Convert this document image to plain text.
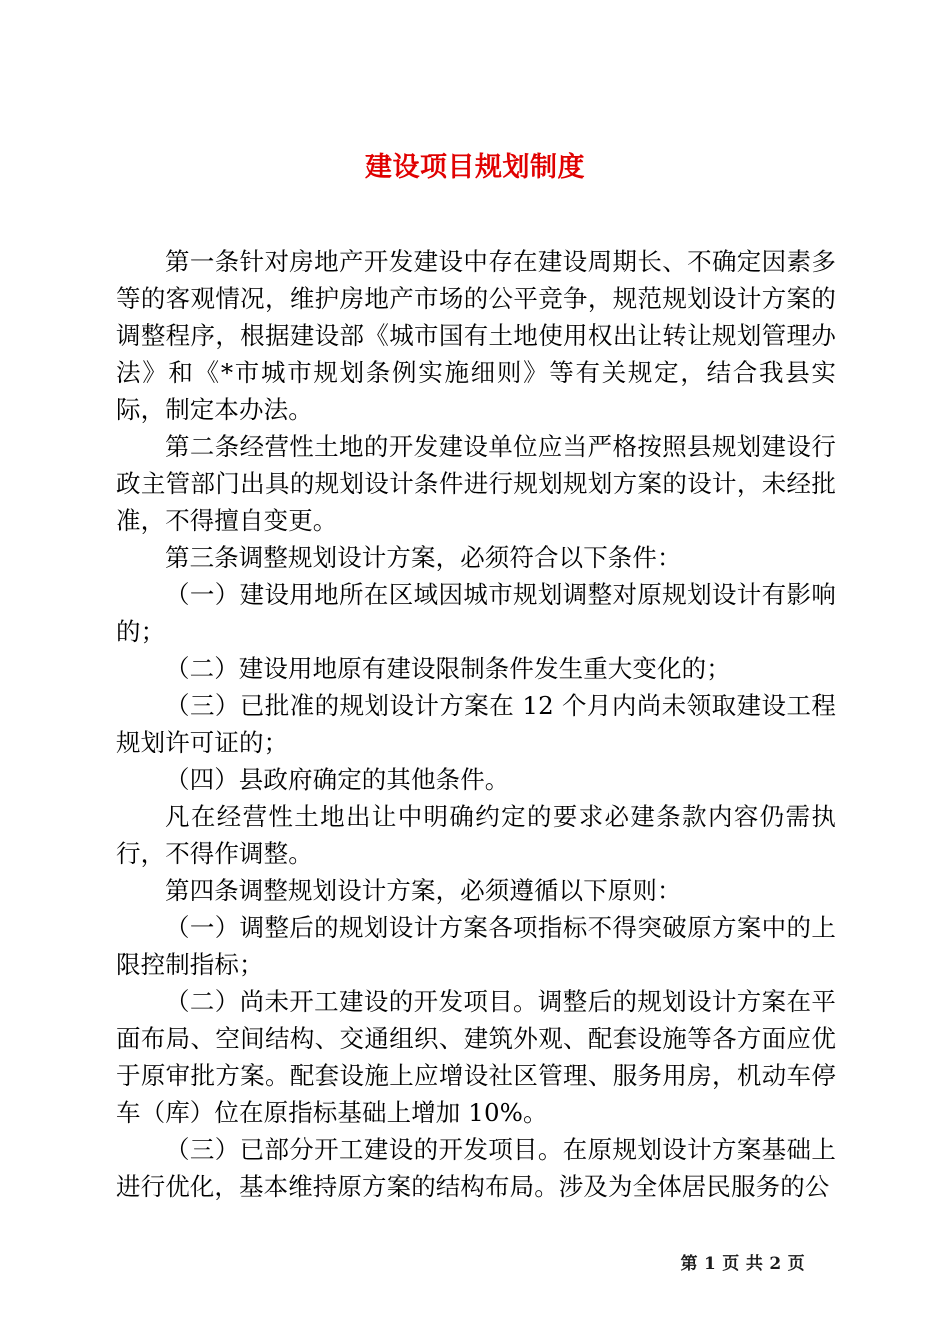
建设项目规划制度

第一条针对房地产开发建设中存在建设周期长、不确定因素多等的客观情况，维护房地产市场的公平竞争，规范规划设计方案的调整程序，根据建设部《城市国有土地使用权出让转让规划管理办法》和《*市城市规划条例实施细则》等有关规定，结合我县实际，制定本办法。

第二条经营性土地的开发建设单位应当严格按照县规划建设行政主管部门出具的规划设计条件进行规划规划方案的设计，未经批准，不得擅自变更。

第三条调整规划设计方案，必须符合以下条件：

（一）建设用地所在区域因城市规划调整对原规划设计有影响的；

（二）建设用地原有建设限制条件发生重大变化的；

（三）已批准的规划设计方案在 12 个月内尚未领取建设工程规划许可证的；

（四）县政府确定的其他条件。

凡在经营性土地出让中明确约定的要求必建条款内容仍需执行，不得作调整。

第四条调整规划设计方案，必须遵循以下原则：

（一）调整后的规划设计方案各项指标不得突破原方案中的上限控制指标；

（二）尚未开工建设的开发项目。调整后的规划设计方案在平面布局、空间结构、交通组织、建筑外观、配套设施等各方面应优于原审批方案。配套设施上应增设社区管理、服务用房，机动车停车（库）位在原指标基础上增加 10%。

（三）已部分开工建设的开发项目。在原规划设计方案基础上进行优化，基本维持原方案的结构布局。涉及为全体居民服务的公

第 1 页 共 2 页
